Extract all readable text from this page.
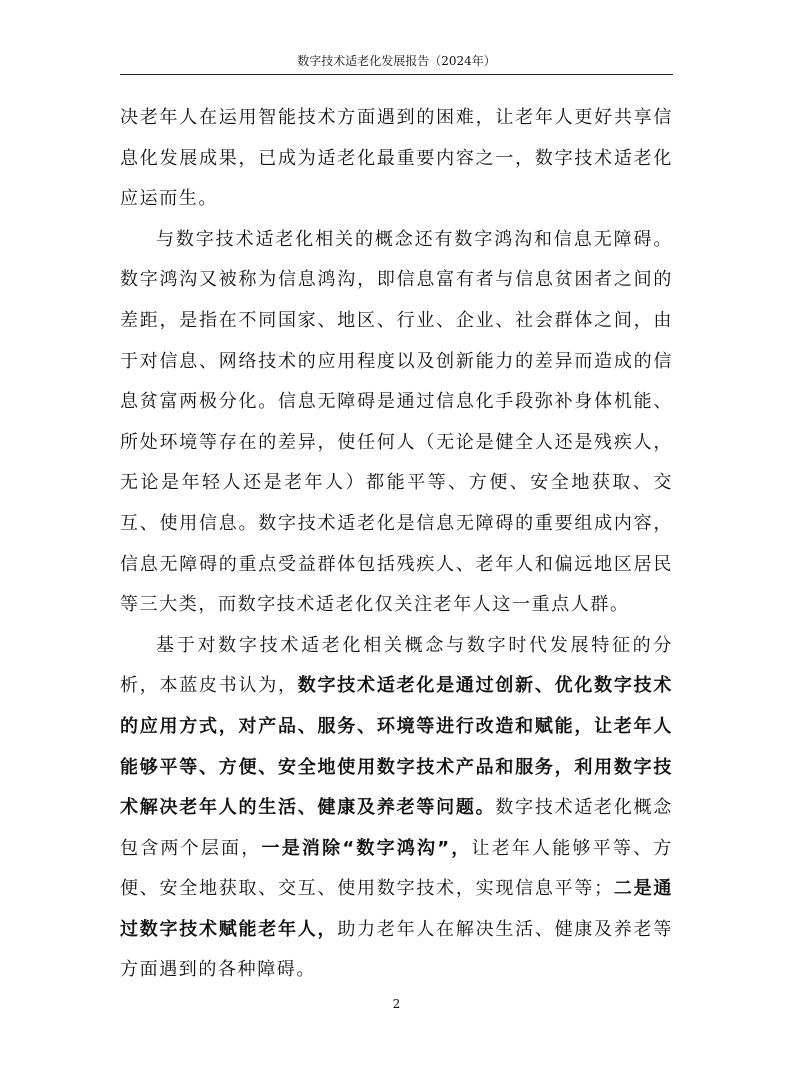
数字技术适老化发展报告（2024年）

决老年人在运用智能技术方面遇到的困难，让老年人更好共享信息化发展成果，已成为适老化最重要内容之一，数字技术适老化应运而生。

与数字技术适老化相关的概念还有数字鸿沟和信息无障碍。数字鸿沟又被称为信息鸿沟，即信息富有者与信息贫困者之间的差距，是指在不同国家、地区、行业、企业、社会群体之间，由于对信息、网络技术的应用程度以及创新能力的差异而造成的信息贫富两极分化。信息无障碍是通过信息化手段弥补身体机能、所处环境等存在的差异，使任何人（无论是健全人还是残疾人，无论是年轻人还是老年人）都能平等、方便、安全地获取、交互、使用信息。数字技术适老化是信息无障碍的重要组成内容，信息无障碍的重点受益群体包括残疾人、老年人和偏远地区居民等三大类，而数字技术适老化仅关注老年人这一重点人群。

基于对数字技术适老化相关概念与数字时代发展特征的分析，本蓝皮书认为，数字技术适老化是通过创新、优化数字技术的应用方式，对产品、服务、环境等进行改造和赋能，让老年人能够平等、方便、安全地使用数字技术产品和服务，利用数字技术解决老年人的生活、健康及养老等问题。数字技术适老化概念包含两个层面，一是消除“数字鸿沟”，让老年人能够平等、方便、安全地获取、交互、使用数字技术，实现信息平等；二是通过数字技术赋能老年人，助力老年人在解决生活、健康及养老等方面遇到的各种障碍。

2
